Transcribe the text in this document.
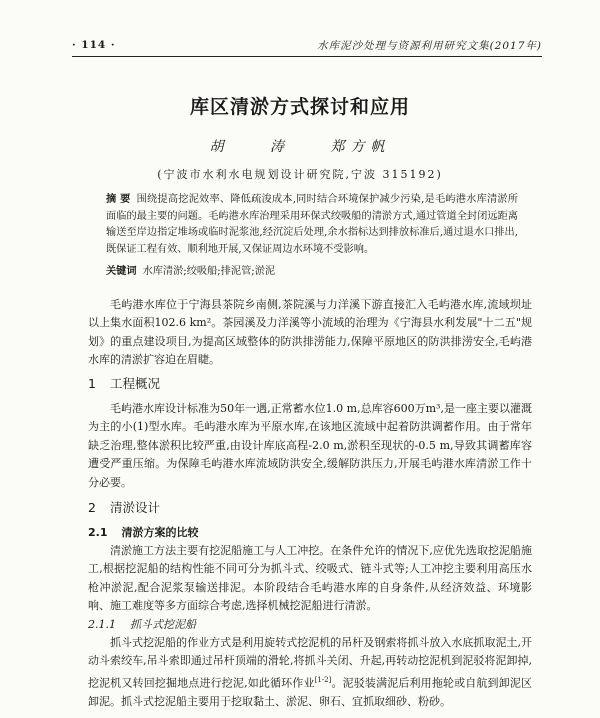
· 114 ·	水库泥沙处理与资源利用研究文集(2017年)
库区清淤方式探讨和应用
胡 涛 郑方帆
(宁波市水利水电规划设计研究院,宁波 315192)
摘 要 围绕提高挖泥效率、降低疏浚成本,同时结合环境保护减少污染,是毛屿港水库清淤所面临的最主要的问题。毛屿港水库治理采用环保式绞吸船的清淤方式,通过管道全封闭远距离输送至岸边指定堆场或临时泥浆池,经沉淀后处理,余水指标达到排放标准后,通过退水口排出,既保证工程有效、顺利地开展,又保证周边水环境不受影响。
关键词 水库清淤;绞吸船;排泥管;淤泥
毛屿港水库位于宁海县茶院乡南侧,茶院溪与力洋溪下游直接汇入毛屿港水库,流域坝址以上集水面积102.6 km²。茶园溪及力洋溪等小流域的治理为《宁海县水利发展"十二五"规划》的重点建设项目,为提高区域整体的防洪排涝能力,保障平原地区的防洪排涝安全,毛屿港水库的清淤扩容迫在眉睫。
1 工程概况
毛屿港水库设计标准为50年一遇,正常蓄水位1.0 m,总库容600万m³,是一座主要以灌溉为主的小(1)型水库。毛屿港水库为平原水库,在该地区流域中起着防洪调蓄作用。由于常年缺乏治理,整体淤积比较严重,由设计库底高程-2.0 m,淤积至现状的-0.5 m,导致其调蓄库容遭受严重压缩。为保障毛屿港水库流域防洪安全,缓解防洪压力,开展毛屿港水库清淤工作十分必要。
2 清淤设计
2.1 清淤方案的比较
清淤施工方法主要有挖泥船施工与人工冲挖。在条件允许的情况下,应优先选取挖泥船施工,根据挖泥船的结构性能不同可分为抓斗式、绞吸式、链斗式等;人工冲挖主要利用高压水枪冲淤泥,配合泥浆泵输送排泥。本阶段结合毛屿港水库的自身条件,从经济效益、环境影响、施工难度等多方面综合考虑,选择机械挖泥船进行清淤。
2.1.1 抓斗式挖泥船
抓斗式挖泥船的作业方式是利用旋转式挖泥机的吊杆及钢索将抓斗放入水底抓取泥土,开动斗索绞车,吊斗索即通过吊杆顶端的滑轮,将抓斗关闭、升起,再转动挖泥机到泥驳将泥卸掉,挖泥机又转回挖掘地点进行挖泥,如此循环作业[1-2]。泥驳装满泥后利用拖轮或自航到卸泥区卸泥。抓斗式挖泥船主要用于挖取黏土、淤泥、卵石、宜抓取细砂、粉砂。
